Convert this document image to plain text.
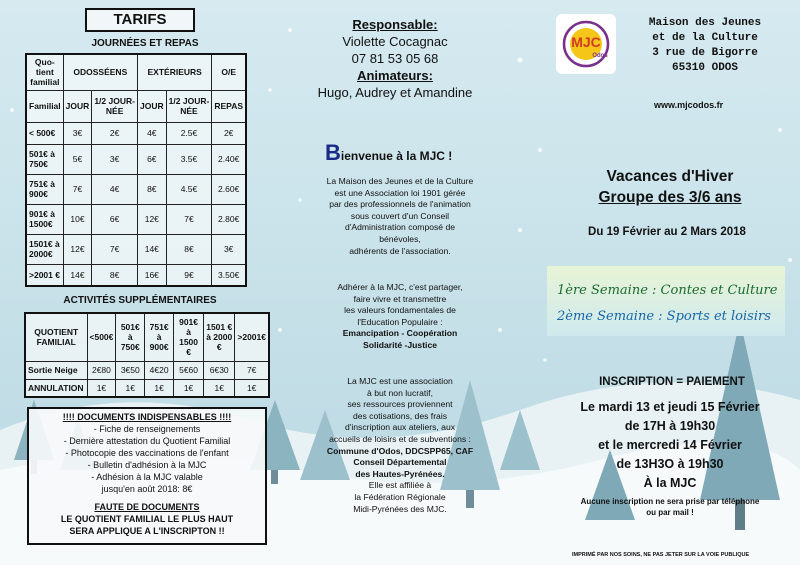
TARIFS
JOURNÉES ET REPAS
Quo-tient familial	ODOSSÉENS		EXTÉRIEURS		O/E
Familial	JOUR	1/2 JOUR-NÉE	JOUR	1/2 JOUR-NÉE	REPAS
< 500€	3€	2€	4€	2.5€	2€
501€ à 750€	5€	3€	6€	3.5€	2.40€
751€ à 900€	7€	4€	8€	4.5€	2.60€
901€ à 1500€	10€	6€	12€	7€	2.80€
1501€ à 2000€	12€	7€	14€	8€	3€
>2001 €	14€	8€	16€	9€	3.50€
ACTIVITÉS SUPPLÉMENTAIRES
QUOTIENT FAMILIAL	<500€	501€ à 750€	751€ à 900€	901€ à 1500 €	1501 € à 2000 €	>2001€
Sortie Neige	2€80	3€50	4€20	5€60	6€30	7€
ANNULATION	1€	1€	1€	1€	1€	1€
!!!! DOCUMENTS INDISPENSABLES !!!!
- Fiche de renseignements
- Dernière attestation du Quotient Familial
- Photocopie des vaccinations de l'enfant
- Bulletin d'adhésion à la MJC
- Adhésion à la MJC valable
jusqu'en août 2018: 8€
FAUTE DE DOCUMENTS
LE QUOTIENT FAMILIAL LE PLUS HAUT
SERA APPLIQUE A L'INSCRIPTON !!
Responsable:
Violette Cocagnac
07 81 53 05 68
Animateurs:
Hugo, Audrey et Amandine
Bienvenue à la MJC !
La Maison des Jeunes et de la Culture
est une Association loi 1901 gérée
par des professionnels de l'animation
sous couvert d'un Conseil
d'Administration composé de
bénévoles,
adhérents de l'association.
Adhérer à la MJC, c'est partager,
faire vivre et transmettre
les valeurs fondamentales de
l'Education Populaire :
Emancipation - Coopération
Solidarité -Justice
La MJC est une association
à but non lucratif,
ses ressources proviennent
des cotisations, des frais
d'inscription aux ateliers, aux
accueils de loisirs et de subventions :
Commune d'Odos, DDCSPP65, CAF
Conseil Départemental
des Hautes-Pyrénées.
Elle est affiliée à
la Fédération Régionale
Midi-Pyrénées des MJC.
MJC
Odos
Maison des Jeunes
et de la Culture
3 rue de Bigorre
65310 ODOS
www.mjcodos.fr
Vacances d'Hiver
Groupe des 3/6 ans
Du 19 Février au 2 Mars 2018
1ère Semaine : Contes et Culture
2ème Semaine : Sports et loisirs
INSCRIPTION = PAIEMENT
Le mardi 13 et jeudi 15 Février
de 17H à 19h30
et le mercredi 14 Février
de 13H3O à 19h30
À la MJC
Aucune inscription ne sera prise par téléphone
ou par mail !
IMPRIMÉ PAR NOS SOINS, NE PAS JETER SUR LA VOIE PUBLIQUE
